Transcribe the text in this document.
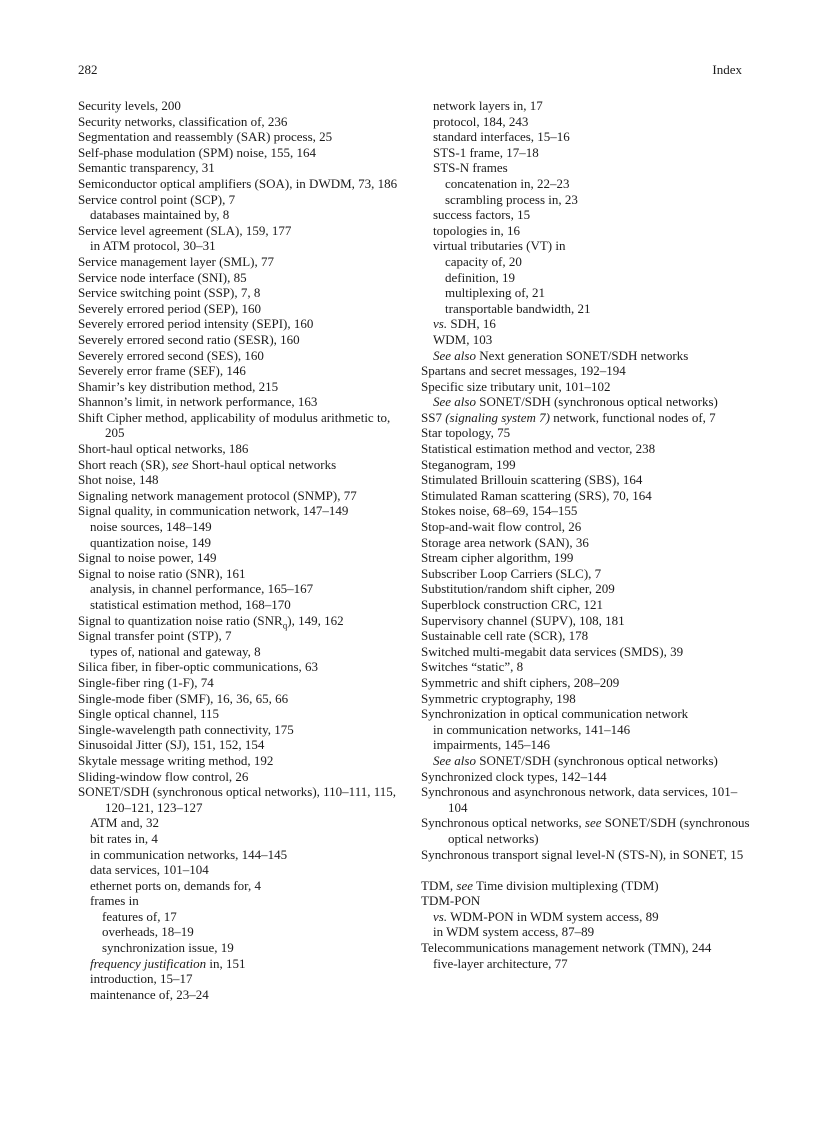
282	Index

Security levels, 200

Security networks, classification of, 236

Segmentation and reassembly (SAR) process, 25

Self-phase modulation (SPM) noise, 155, 164

Semantic transparency, 31

Semiconductor optical amplifiers (SOA), in DWDM, 73, 186

Service control point (SCP), 7

databases maintained by, 8

Service level agreement (SLA), 159, 177

in ATM protocol, 30–31

Service management layer (SML), 77

Service node interface (SNI), 85

Service switching point (SSP), 7, 8

Severely errored period (SEP), 160

Severely errored period intensity (SEPI), 160

Severely errored second ratio (SESR), 160

Severely errored second (SES), 160

Severely error frame (SEF), 146

Shamir’s key distribution method, 215

Shannon’s limit, in network performance, 163

Shift Cipher method, applicability of modulus arithmetic to, 205

Short-haul optical networks, 186

Short reach (SR), see Short-haul optical networks

Shot noise, 148

Signaling network management protocol (SNMP), 77

Signal quality, in communication network, 147–149

noise sources, 148–149

quantization noise, 149

Signal to noise power, 149

Signal to noise ratio (SNR), 161

analysis, in channel performance, 165–167

statistical estimation method, 168–170

Signal to quantization noise ratio $(SNR_q)$, 149, 162

Signal transfer point (STP), 7

types of, national and gateway, 8

Silica fiber, in fiber-optic communications, 63

Single-fiber ring (1-F), 74

Single-mode fiber (SMF), 16, 36, 65, 66

Single optical channel, 115

Single-wavelength path connectivity, 175

Sinusoidal Jitter (SJ), 151, 152, 154

Skytale message writing method, 192

Sliding-window flow control, 26

SONET/SDH (synchronous optical networks), 110–111, 115, 120–121, 123–127

ATM and, 32

bit rates in, 4

in communication networks, 144–145

data services, 101–104

ethernet ports on, demands for, 4

frames in

features of, 17

overheads, 18–19

synchronization issue, 19

frequency justification in, 151

introduction, 15–17

maintenance of, 23–24

network layers in, 17

protocol, 184, 243

standard interfaces, 15–16

STS-1 frame, 17–18

STS-N frames

concatenation in, 22–23

scrambling process in, 23

success factors, 15

topologies in, 16

virtual tributaries (VT) in

capacity of, 20

definition, 19

multiplexing of, 21

transportable bandwidth, 21

vs. SDH, 16

WDM, 103

See also Next generation SONET/SDH networks

Spartans and secret messages, 192–194

Specific size tributary unit, 101–102

See also SONET/SDH (synchronous optical networks)

SS7 (signaling system 7) network, functional nodes of, 7

Star topology, 75

Statistical estimation method and vector, 238

Steganogram, 199

Stimulated Brillouin scattering (SBS), 164

Stimulated Raman scattering (SRS), 70, 164

Stokes noise, 68–69, 154–155

Stop-and-wait flow control, 26

Storage area network (SAN), 36

Stream cipher algorithm, 199

Subscriber Loop Carriers (SLC), 7

Substitution/random shift cipher, 209

Superblock construction CRC, 121

Supervisory channel (SUPV), 108, 181

Sustainable cell rate (SCR), 178

Switched multi-megabit data services (SMDS), 39

Switches “static”, 8

Symmetric and shift ciphers, 208–209

Symmetric cryptography, 198

Synchronization in optical communication network

in communication networks, 141–146

impairments, 145–146

See also SONET/SDH (synchronous optical networks)

Synchronized clock types, 142–144

Synchronous and asynchronous network, data services, 101–104

Synchronous optical networks, see SONET/SDH (synchronous optical networks)

Synchronous transport signal level-N (STS-N), in SONET, 15

TDM, see Time division multiplexing (TDM)

TDM-PON

vs. WDM-PON in WDM system access, 89

in WDM system access, 87–89

Telecommunications management network (TMN), 244

five-layer architecture, 77
